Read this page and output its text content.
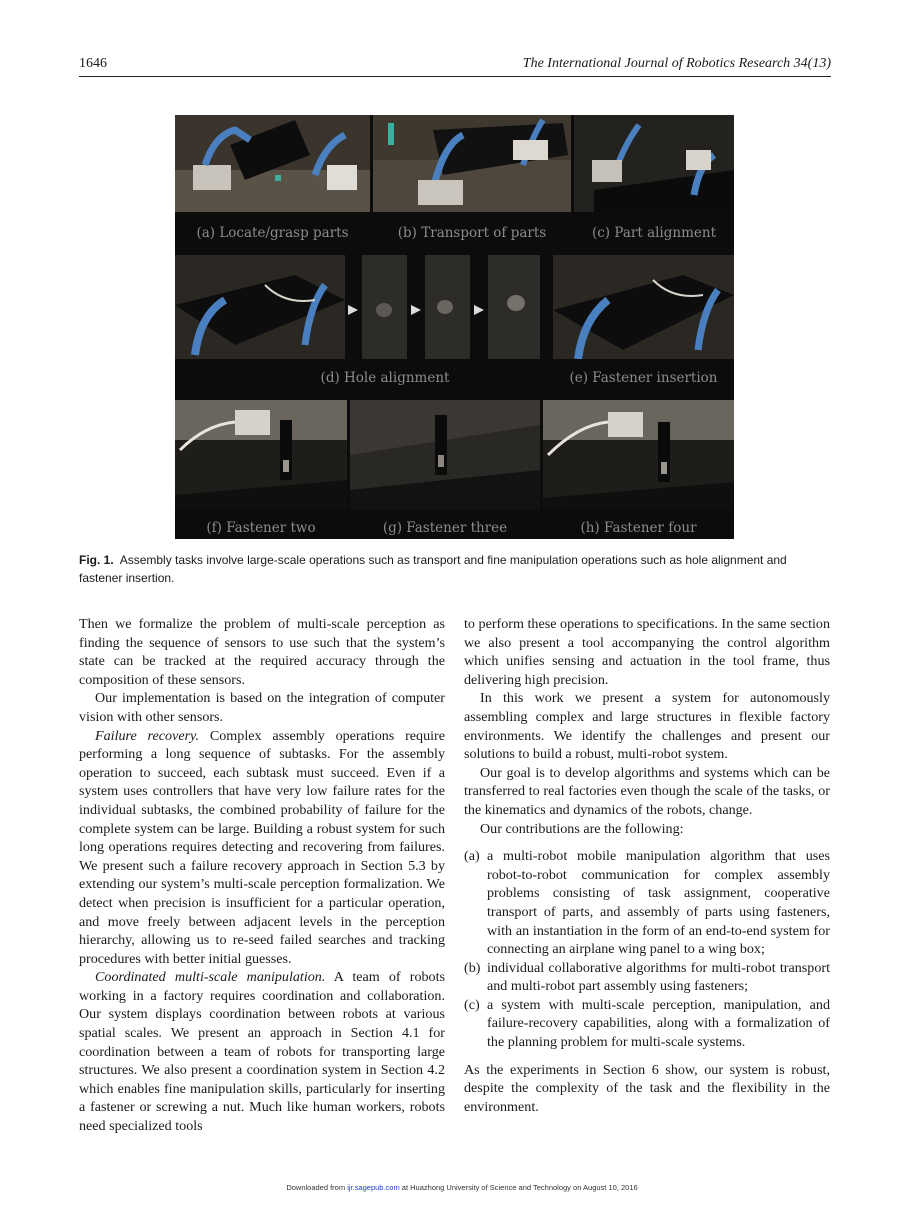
1646	The International Journal of Robotics Research 34(13)
(a) Locate/grasp parts	(b) Transport of parts	(c) Part alignment
(d) Hole alignment	(e) Fastener insertion
(f) Fastener two	(g) Fastener three	(h) Fastener four
Fig. 1. Assembly tasks involve large-scale operations such as transport and fine manipulation operations such as hole alignment and fastener insertion.

Then we formalize the problem of multi-scale perception as finding the sequence of sensors to use such that the system’s state can be tracked at the required accuracy through the composition of these sensors.

Our implementation is based on the integration of computer vision with other sensors.

Failure recovery. Complex assembly operations require performing a long sequence of subtasks. For the assembly operation to succeed, each subtask must succeed. Even if a system uses controllers that have very low failure rates for the individual subtasks, the combined probability of failure for the complete system can be large. Building a robust system for such long operations requires detecting and recovering from failures. We present such a failure recovery approach in Section 5.3 by extending our system’s multi-scale perception formalization. We detect when precision is insufficient for a particular operation, and move freely between adjacent levels in the perception hierarchy, allowing us to re-seed failed searches and tracking procedures with better initial guesses.

Coordinated multi-scale manipulation. A team of robots working in a factory requires coordination and collaboration. Our system displays coordination between robots at various spatial scales. We present an approach in Section 4.1 for coordination between a team of robots for transporting large structures. We also present a coordination system in Section 4.2 which enables fine manipulation skills, particularly for inserting a fastener or screwing a nut. Much like human workers, robots need specialized tools

to perform these operations to specifications. In the same section we also present a tool accompanying the control algorithm which unifies sensing and actuation in the tool frame, thus delivering high precision.

In this work we present a system for autonomously assembling complex and large structures in flexible factory environments. We identify the challenges and present our solutions to build a robust, multi-robot system.

Our goal is to develop algorithms and systems which can be transferred to real factories even though the scale of the tasks, or the kinematics and dynamics of the robots, change.

Our contributions are the following:

(a) a multi-robot mobile manipulation algorithm that uses robot-to-robot communication for complex assembly problems consisting of task assignment, cooperative transport of parts, and assembly of parts using fasteners, with an instantiation in the form of an end-to-end system for connecting an airplane wing panel to a wing box;
(b) individual collaborative algorithms for multi-robot transport and multi-robot part assembly using fasteners;
(c) a system with multi-scale perception, manipulation, and failure-recovery capabilities, along with a formalization of the planning problem for multi-scale systems.

As the experiments in Section 6 show, our system is robust, despite the complexity of the task and the flexibility in the environment.

Downloaded from ijr.sagepub.com at Huazhong University of Science and Technology on August 10, 2016
